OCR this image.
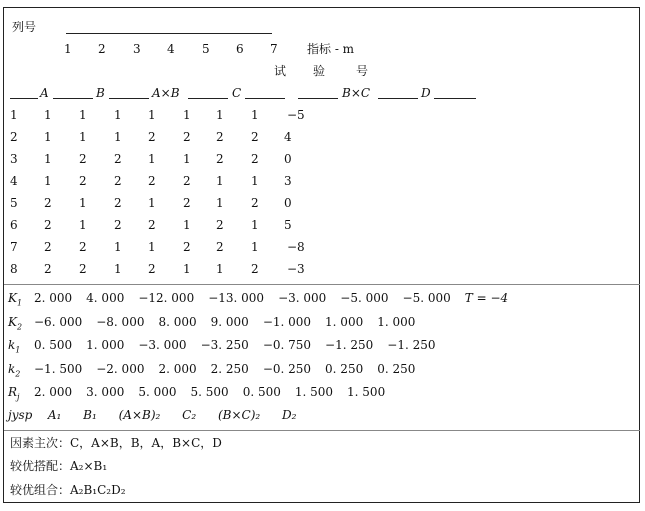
列号
1 2 3 4 5 6 7 指标 - m
试 验	号
A	B	A×B	C	B×C	D
1 1 1 1 1 1 1 1 −5
2 1 1 1 2 2 2 2 4
3 1 2 2 1 1 2 2 0
4 1 2 2 2 2 1 1 3
5 2 1 2 1 2 1 2 0
6 2 1 2 2 1 2 1 5
7 2 2 1 1 2 2 1 −8
8 2 2 1 2 1 1 2 −3
$K_1$ 2. 000 4. 000 −12. 000 −13. 000 −3. 000 −5. 000 −5. 000 T = −4
$K_2 -6$. 000 −8. 000 8. 000 9. 000 −1. 000 1. 000 1. 000
$k_1$ 0. 500 1. 000 −3. 000 −3. 250 −0. 750 −1. 250 −1. 250
$k_2 -1$. 500 −2. 000 2. 000 2. 250 −0. 250 0. 250 0. 250
$R_j$ 2. 000 3. 000 5. 000 5. 500 0. 500 1. 500 1. 500
jysp A₁ B₁ (A×B)₂ C₂ (B×C)₂ D₂
因素主次：C，A×B，B，A，B×C，D
较优搭配：A₂×B₁
较优组合：A₂B₁C₂D₂
